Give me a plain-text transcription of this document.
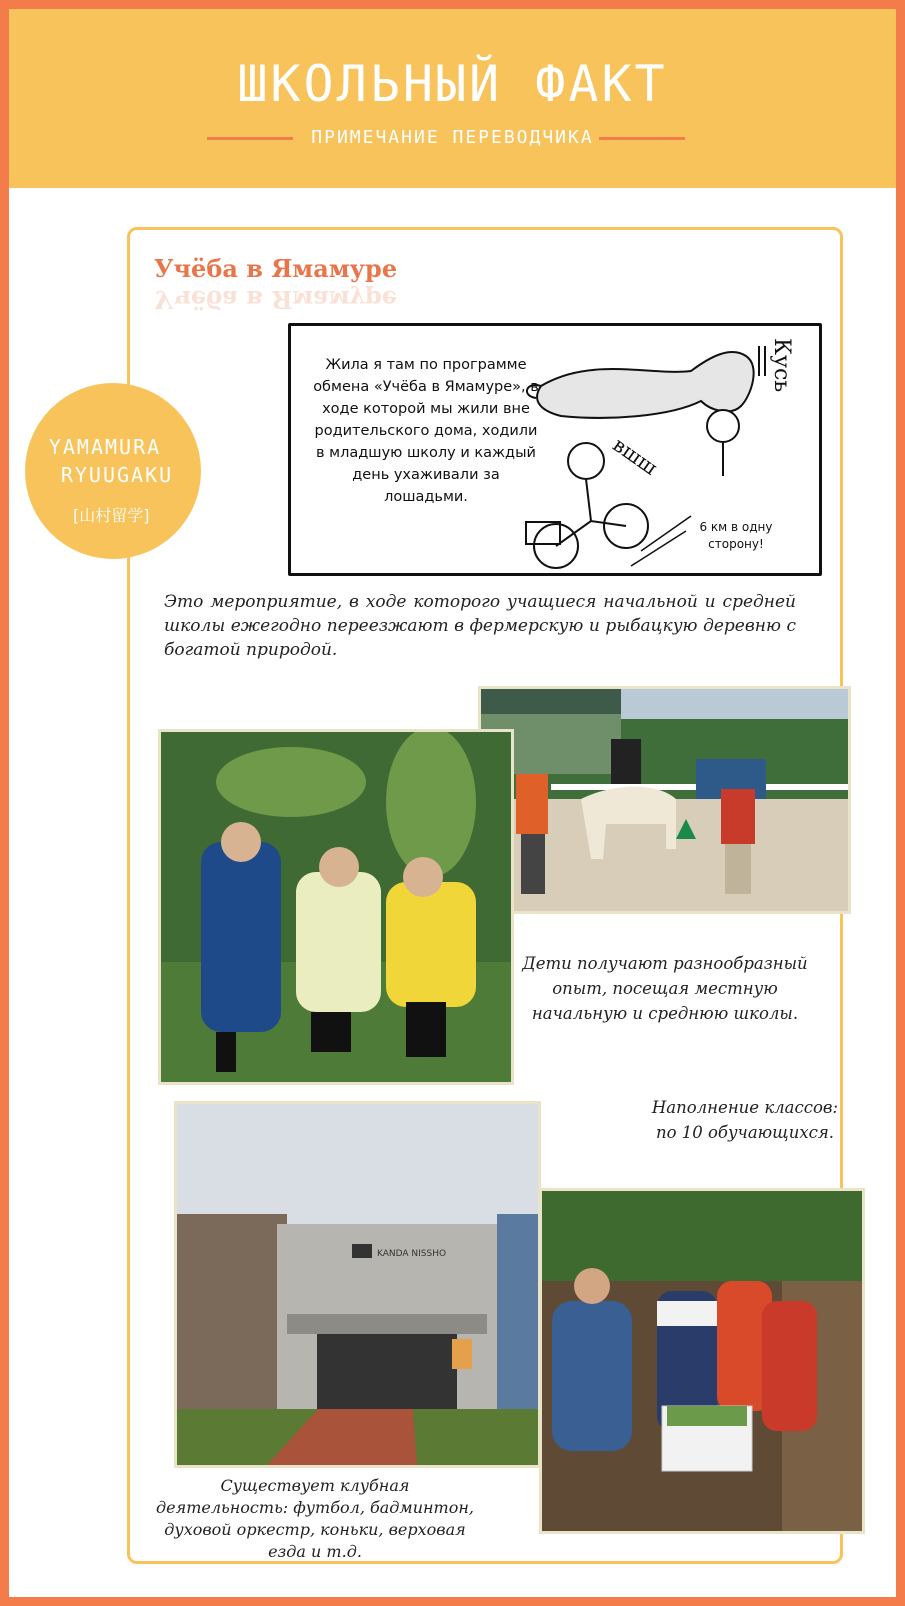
ШКОЛЬНЫЙ ФАКТ
ПРИМЕЧАНИЕ ПЕРЕВОДЧИКА
Учёба в Ямамуре
Учёба в Ямамуре
YAMAMURA
RYUUGAKU
[山村留学]
Жила я там по программе обмена «Учёба в Ямамуре», в ходе которой мы жили вне родительского дома, ходили в младшую школу и каждый день ухаживали за лошадьми.
Кусь
вшш
6 км в одну сторону!
Это мероприятие, в ходе которого учащиеся начальной и средней школы ежегодно переезжают в фермерскую и рыбацкую деревню с богатой природой.
Дети получают разнообразный опыт, посещая местную начальную и среднюю школы.
Наполнение классов: по 10 обучающихся.
KANDA NISSHO
Существует клубная деятельность: футбол, бадминтон, духовой оркестр, коньки, верховая езда и т.д.
